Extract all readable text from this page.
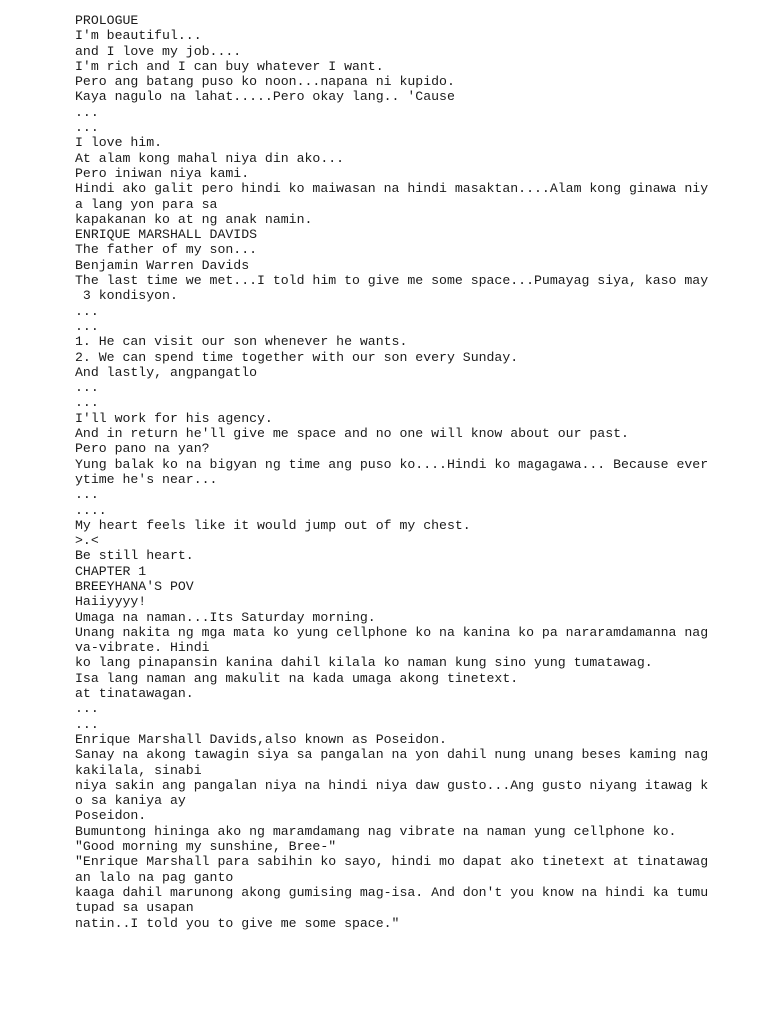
PROLOGUE
I'm beautiful...
and I love my job....
I'm rich and I can buy whatever I want.
Pero ang batang puso ko noon...napana ni kupido.
Kaya nagulo na lahat.....Pero okay lang.. 'Cause
...
...
I love him.
At alam kong mahal niya din ako...
Pero iniwan niya kami.
Hindi ako galit pero hindi ko maiwasan na hindi masaktan....Alam kong ginawa niy
a lang yon para sa
kapakanan ko at ng anak namin.
ENRIQUE MARSHALL DAVIDS
The father of my son...
Benjamin Warren Davids
The last time we met...I told him to give me some space...Pumayag siya, kaso may
3 kondisyon.
...
...
1. He can visit our son whenever he wants.
2. We can spend time together with our son every Sunday.
And lastly, angpangatlo
...
...
I'll work for his agency.
And in return he'll give me space and no one will know about our past.
Pero pano na yan?
Yung balak ko na bigyan ng time ang puso ko....Hindi ko magagawa... Because ever
ytime he's near...
...
....
My heart feels like it would jump out of my chest.
>.<
Be still heart.
CHAPTER 1
BREEYHANA'S POV
Haiiyyyy!
Umaga na naman...Its Saturday morning.
Unang nakita ng mga mata ko yung cellphone ko na kanina ko pa nararamdamanna nag
va-vibrate. Hindi
ko lang pinapansin kanina dahil kilala ko naman kung sino yung tumatawag.
Isa lang naman ang makulit na kada umaga akong tinetext.
at tinatawagan.
...
...
Enrique Marshall Davids,also known as Poseidon.
Sanay na akong tawagin siya sa pangalan na yon dahil nung unang beses kaming nag
kakilala, sinabi
niya sakin ang pangalan niya na hindi niya daw gusto...Ang gusto niyang itawag k
o sa kaniya ay
Poseidon.
Bumuntong hininga ako ng maramdamang nag vibrate na naman yung cellphone ko.
"Good morning my sunshine, Bree-"
"Enrique Marshall para sabihin ko sayo, hindi mo dapat ako tinetext at tinatawag
an lalo na pag ganto
kaaga dahil marunong akong gumising mag-isa. And don't you know na hindi ka tumu
tupad sa usapan
natin..I told you to give me some space."
